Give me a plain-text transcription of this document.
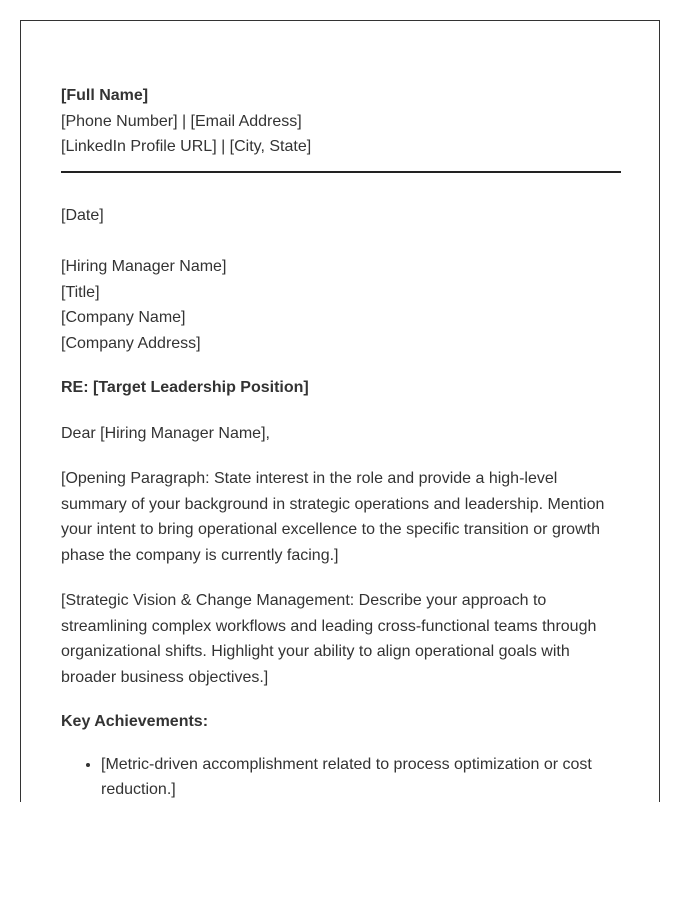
[Full Name]
[Phone Number] | [Email Address]
[LinkedIn Profile URL] | [City, State]
[Date]
[Hiring Manager Name]
[Title]
[Company Name]
[Company Address]
RE: [Target Leadership Position]
Dear [Hiring Manager Name],

[Opening Paragraph: State interest in the role and provide a high-level summary of your background in strategic operations and leadership. Mention your intent to bring operational excellence to the specific transition or growth phase the company is currently facing.]

[Strategic Vision & Change Management: Describe your approach to streamlining complex workflows and leading cross-functional teams through organizational shifts. Highlight your ability to align operational goals with broader business objectives.]

Key Achievements:
• [Metric-driven accomplishment related to process optimization or cost reduction.]
